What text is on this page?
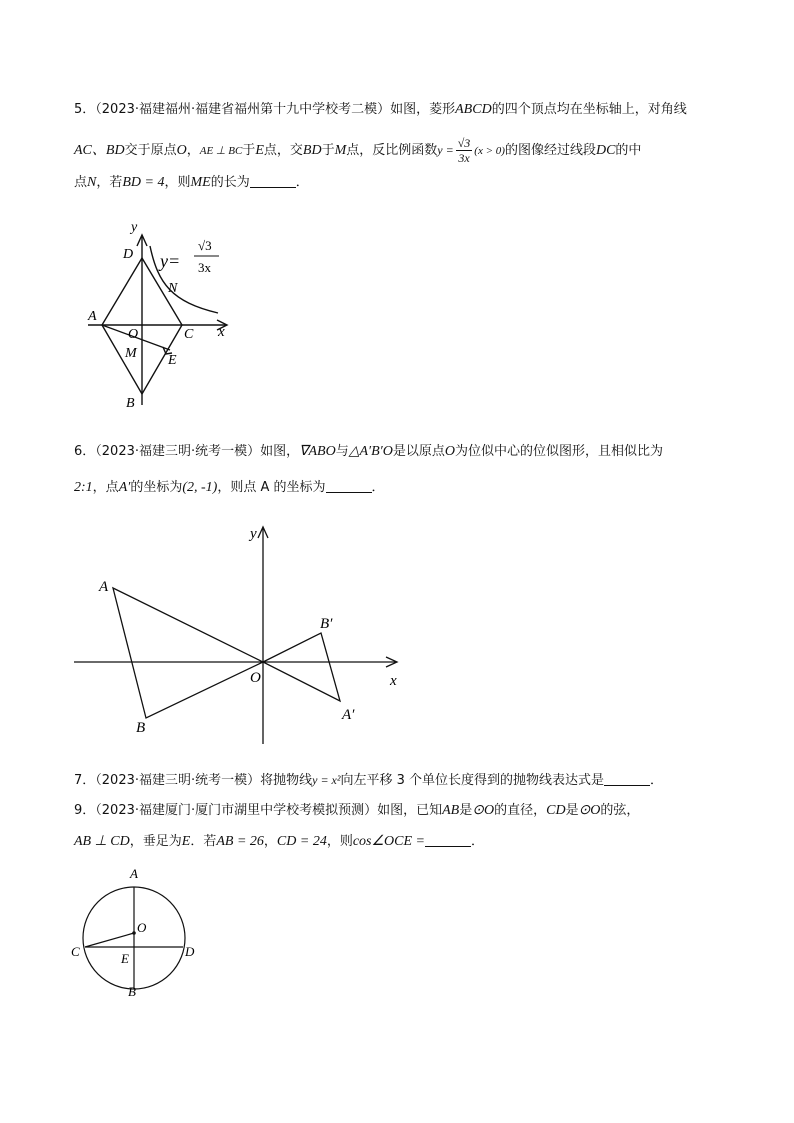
5．（2023·福建福州·福建省福州第十九中学校考二模）如图，菱形ABCD的四个顶点均在坐标轴上，对角线
AC、BD交于原点O，AE ⊥ BC于E点，交BD于M点，反比例函数$y = \frac{√3}{3x} (x > 0)$的图像经过线段DC的中
点N，若BD = 4，则ME的长为	．
y
x
D
A
O	C
M E
B
N
y=
√3
3x
6．（2023·福建三明·统考一模）如图，∇ABO与△A′B′O是以原点O为位似中心的位似图形，且相似比为
2:1，点A′的坐标为(2, -1)，则点 A 的坐标为	．
y
x
A
B
O
B′
A′
7．（2023·福建三明·统考一模）将抛物线y = x²向左平移 3 个单位长度得到的抛物线表达式是	．
9．（2023·福建厦门·厦门市湖里中学校考模拟预测）如图，已知AB是⊙O的直径，CD是⊙O的弦，
AB ⊥ CD，垂足为E．若AB = 26，CD = 24，则cos∠OCE =	．
A
O
C	D
E
B
